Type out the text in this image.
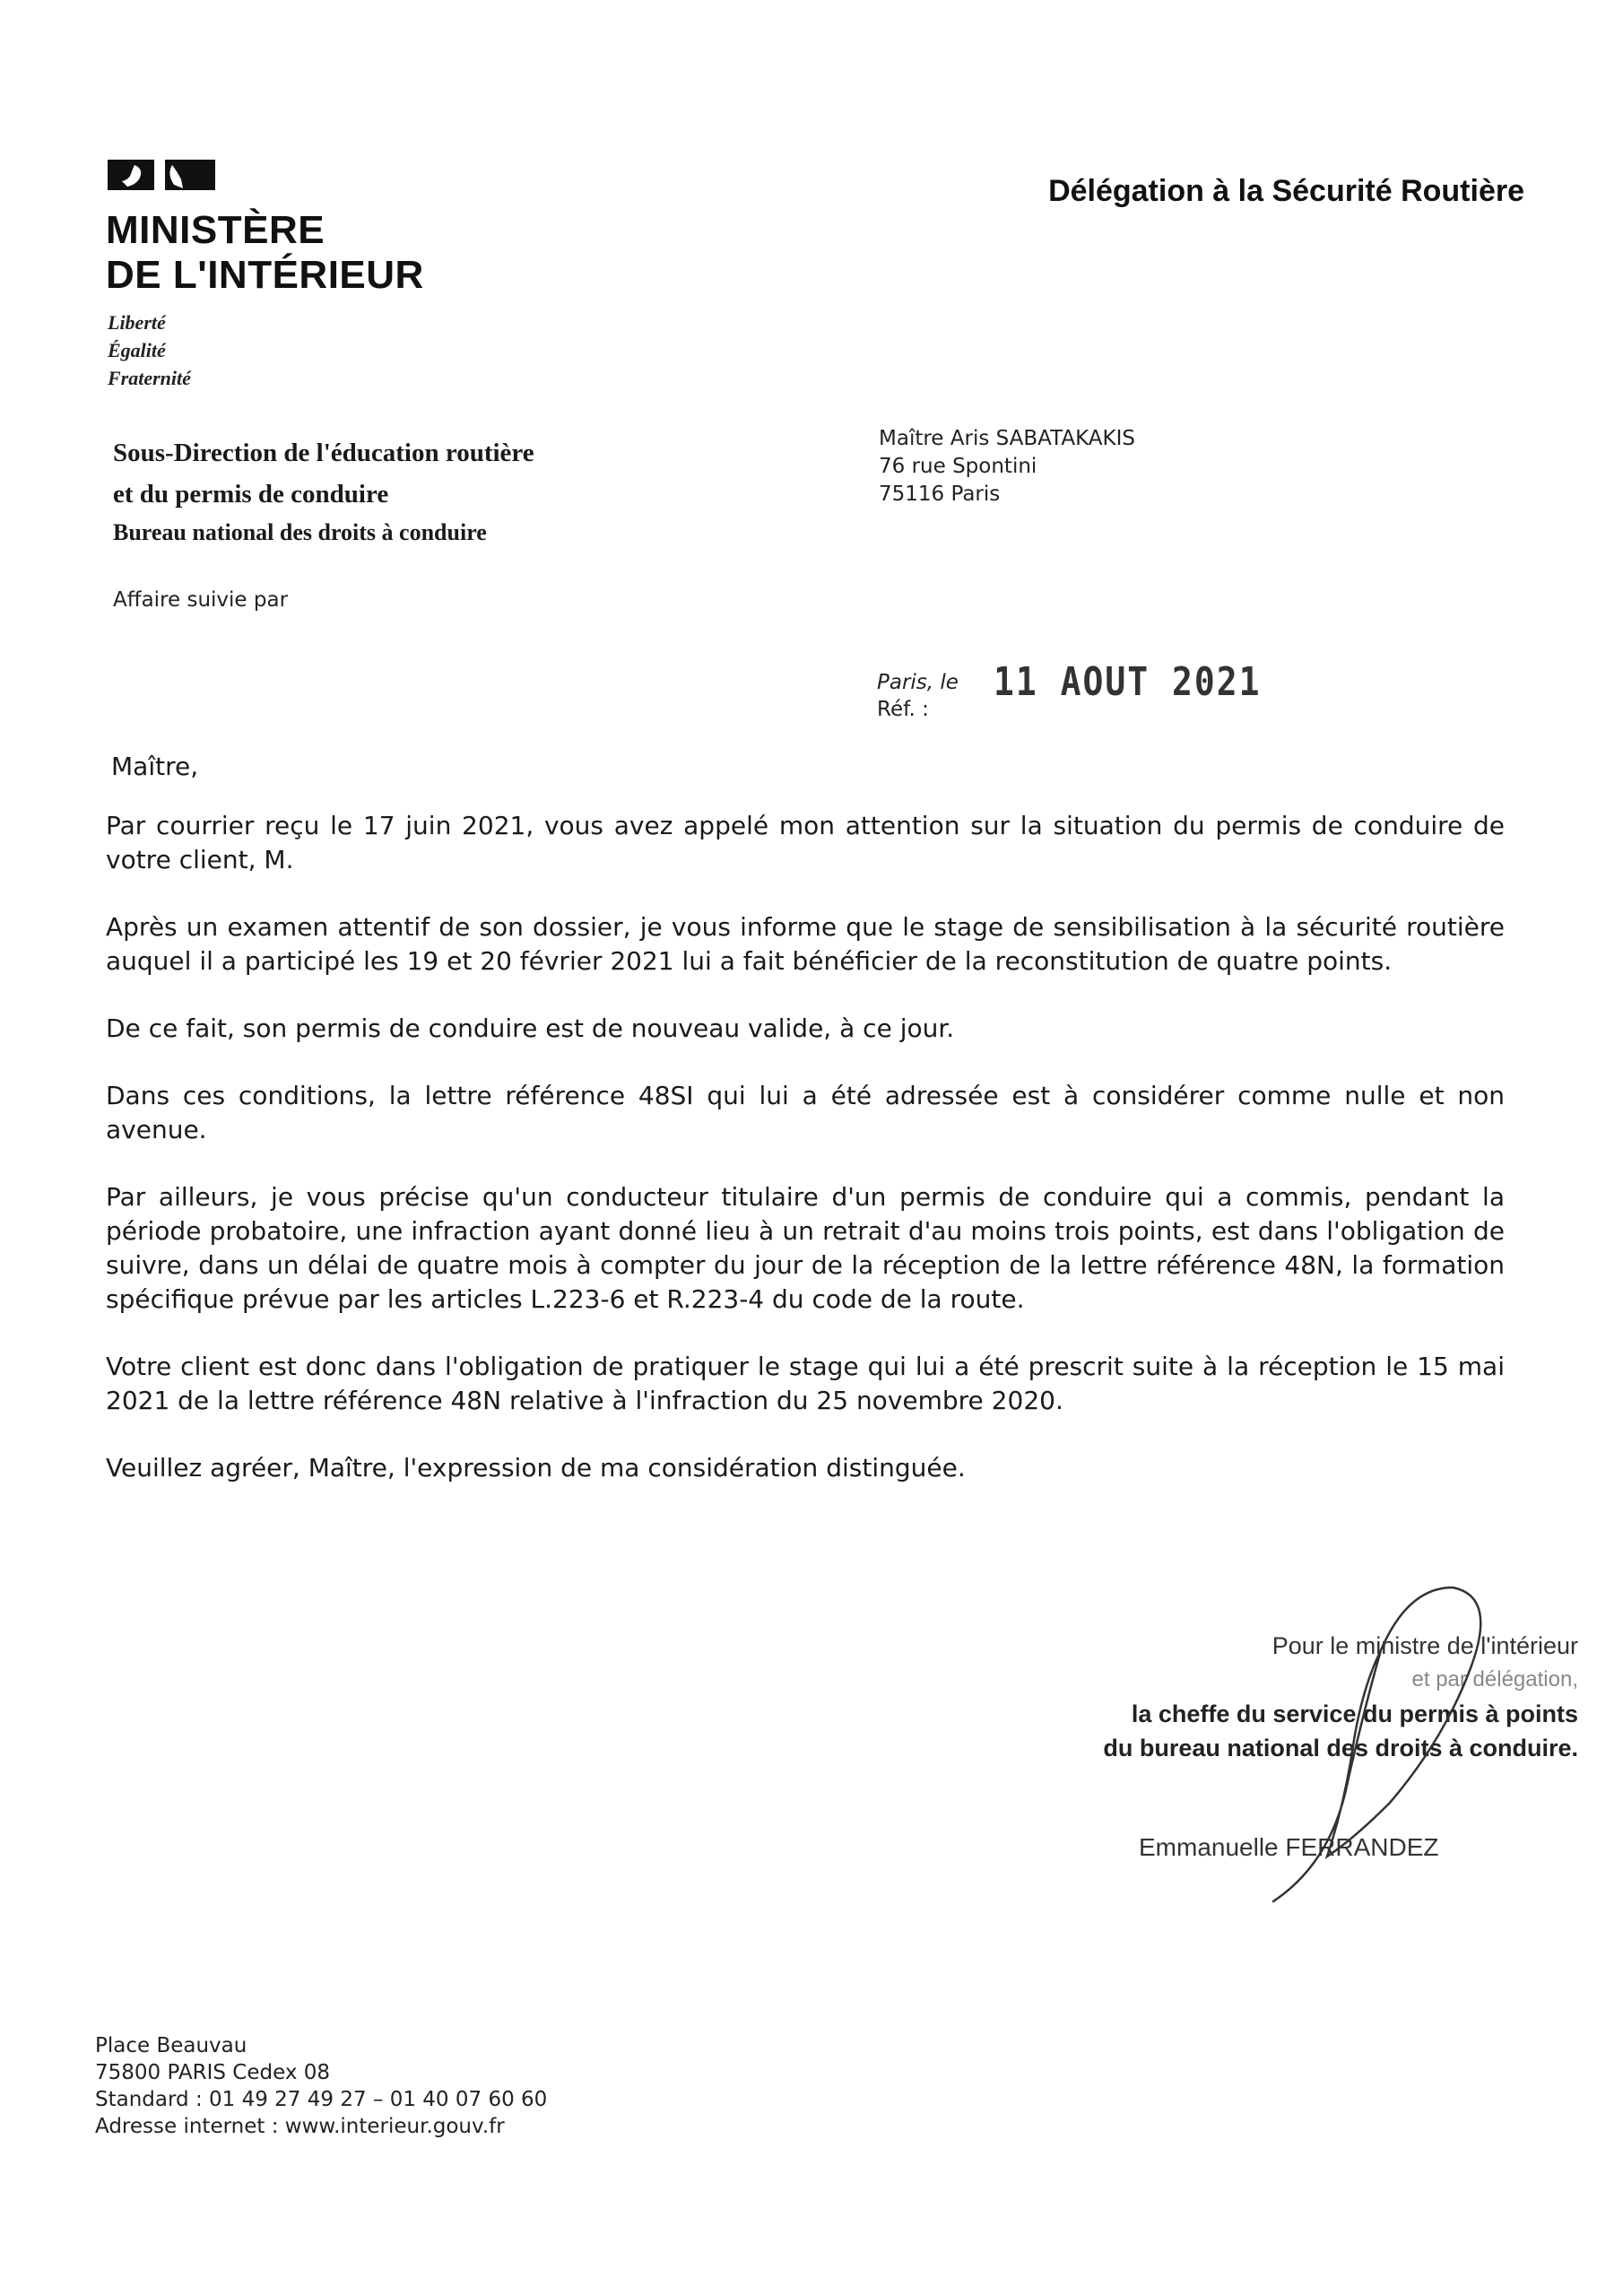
MINISTÈRE
DE L'INTÉRIEUR
Liberté
Égalité
Fraternité
Délégation à la Sécurité Routière
Sous-Direction de l'éducation routière
et du permis de conduire
Bureau national des droits à conduire
Affaire suivie par
Maître Aris SABATAKAKIS
76 rue Spontini
75116 Paris
Paris, le
Réf. :
11 AOUT 2021
Maître,

Par courrier reçu le 17 juin 2021, vous avez appelé mon attention sur la situation du permis de conduire de votre client, M.

Après un examen attentif de son dossier, je vous informe que le stage de sensibilisation à la sécurité routière auquel il a participé les 19 et 20 février 2021 lui a fait bénéficier de la reconstitution de quatre points.

De ce fait, son permis de conduire est de nouveau valide, à ce jour.

Dans ces conditions, la lettre référence 48SI qui lui a été adressée est à considérer comme nulle et non avenue.

Par ailleurs, je vous précise qu'un conducteur titulaire d'un permis de conduire qui a commis, pendant la période probatoire, une infraction ayant donné lieu à un retrait d'au moins trois points, est dans l'obligation de suivre, dans un délai de quatre mois à compter du jour de la réception de la lettre référence 48N, la formation spécifique prévue par les articles L.223-6 et R.223-4 du code de la route.

Votre client est donc dans l'obligation de pratiquer le stage qui lui a été prescrit suite à la réception le 15 mai 2021 de la lettre référence 48N relative à l'infraction du 25 novembre 2020.

Veuillez agréer, Maître, l'expression de ma considération distinguée.

Pour le ministre de l'intérieur
et par délégation,
la cheffe du service du permis à points
du bureau national des droits à conduire.
Emmanuelle FERRANDEZ
Place Beauvau
75800 PARIS Cedex 08
Standard : 01 49 27 49 27 – 01 40 07 60 60
Adresse internet : www.interieur.gouv.fr
